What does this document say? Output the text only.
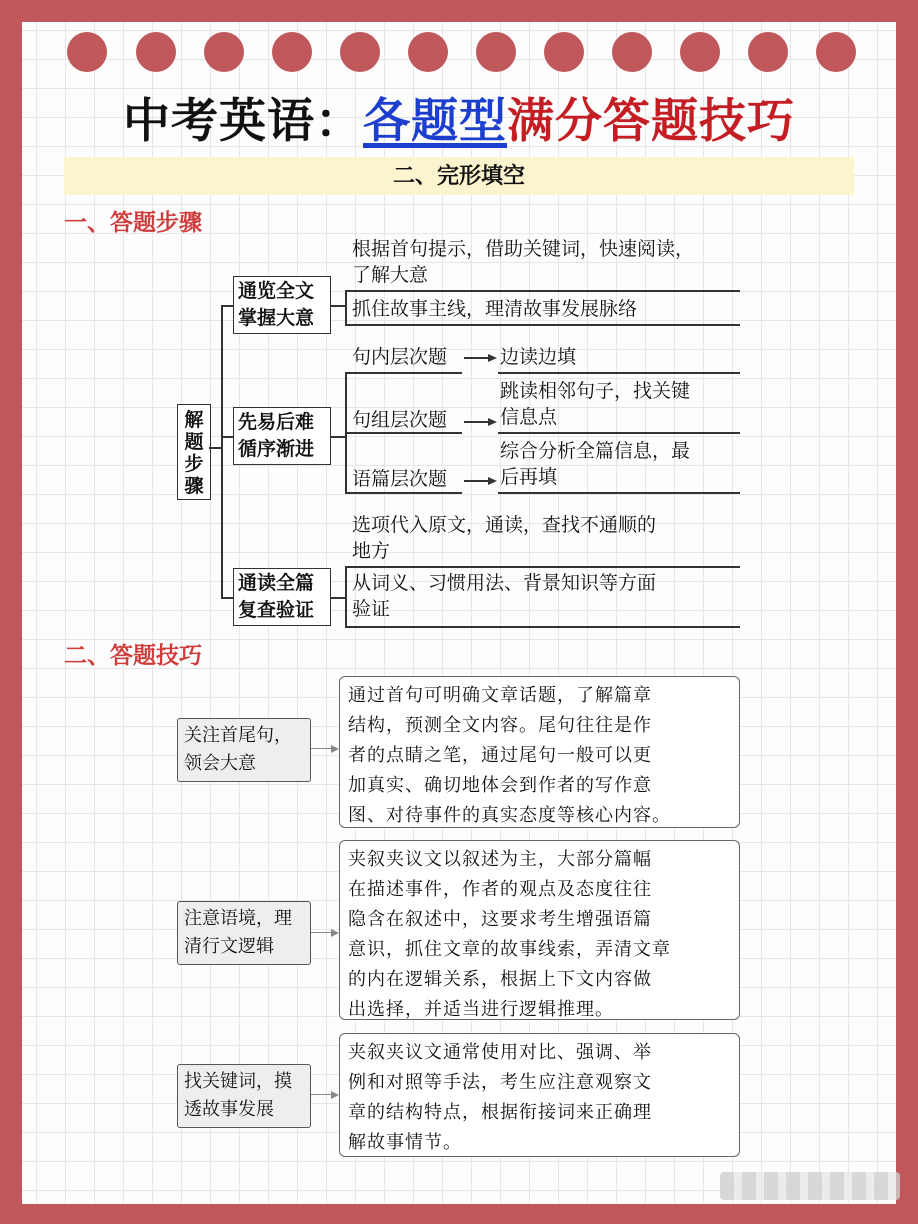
中考英语：各题型满分答题技巧
二、完形填空
一、答题步骤
解题步骤
通览全文
掌握大意
根据首句提示，借助关键词，快速阅读，
了解大意
抓住故事主线，理清故事发展脉络
先易后难
循序渐进
句内层次题	边读边填
句组层次题
跳读相邻句子，找关键
信息点
语篇层次题
综合分析全篇信息，最
后再填
通读全篇
复查验证
选项代入原文，通读，查找不通顺的
地方
从词义、习惯用法、背景知识等方面
验证
二、答题技巧
关注首尾句，
领会大意
通过首句可明确文章话题，了解篇章
结构，预测全文内容。尾句往往是作
者的点睛之笔，通过尾句一般可以更
加真实、确切地体会到作者的写作意
图、对待事件的真实态度等核心内容。
注意语境，理
清行文逻辑
夹叙夹议文以叙述为主，大部分篇幅
在描述事件，作者的观点及态度往往
隐含在叙述中，这要求考生增强语篇
意识，抓住文章的故事线索，弄清文章
的内在逻辑关系，根据上下文内容做
出选择，并适当进行逻辑推理。
找关键词，摸
透故事发展
夹叙夹议文通常使用对比、强调、举
例和对照等手法，考生应注意观察文
章的结构特点，根据衔接词来正确理
解故事情节。
